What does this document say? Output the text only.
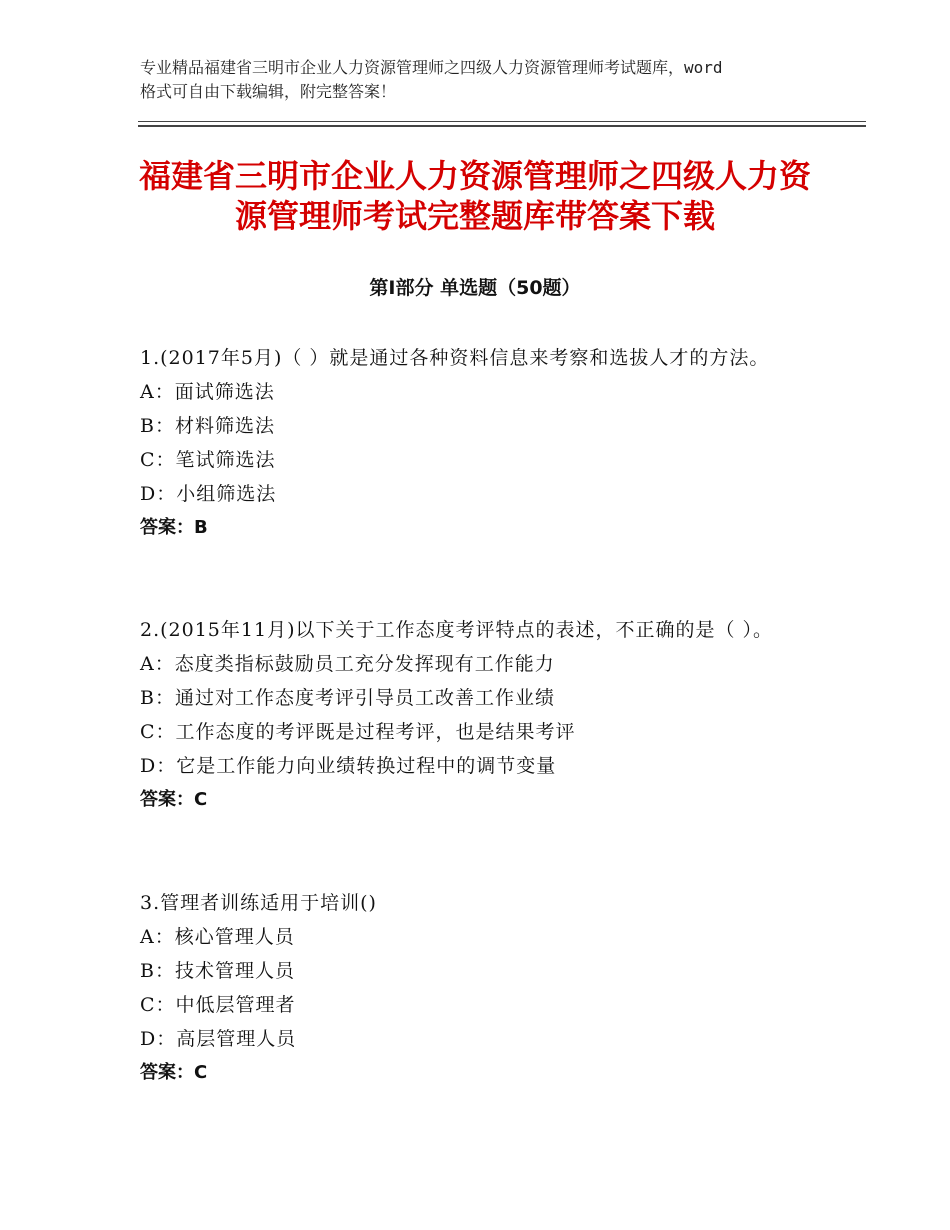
专业精品福建省三明市企业人力资源管理师之四级人力资源管理师考试题库，word
格式可自由下载编辑，附完整答案！
福建省三明市企业人力资源管理师之四级人力资源管理师考试完整题库带答案下载
第Ⅰ部分 单选题（50题）
1.(2017年5月)（ ）就是通过各种资料信息来考察和选拔人才的方法。
A：面试筛选法
B：材料筛选法
C：笔试筛选法
D：小组筛选法
答案：B
2.(2015年11月)以下关于工作态度考评特点的表述，不正确的是（ ）。
A：态度类指标鼓励员工充分发挥现有工作能力
B：通过对工作态度考评引导员工改善工作业绩
C：工作态度的考评既是过程考评，也是结果考评
D：它是工作能力向业绩转换过程中的调节变量
答案：C
3.管理者训练适用于培训()
A：核心管理人员
B：技术管理人员
C：中低层管理者
D：高层管理人员
答案：C
